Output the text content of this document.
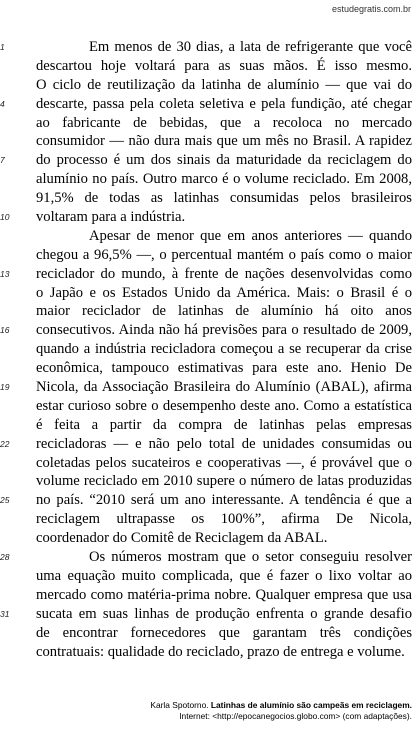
estudegratis.com.br
1	Em menos de 30 dias, a lata de refrigerante que você
descartou hoje voltará para as suas mãos. É isso mesmo.
O ciclo de reutilização da latinha de alumínio — que vai do
4	descarte, passa pela coleta seletiva e pela fundição, até chegar
ao fabricante de bebidas, que a recoloca no mercado
consumidor — não dura mais que um mês no Brasil. A rapidez
7	do processo é um dos sinais da maturidade da reciclagem do
alumínio no país. Outro marco é o volume reciclado. Em 2008,
91,5% de todas as latinhas consumidas pelos brasileiros
10	voltaram para a indústria.
Apesar de menor que em anos anteriores — quando
chegou a 96,5% —, o percentual mantém o país como o maior
13	reciclador do mundo, à frente de nações desenvolvidas como
o Japão e os Estados Unido da América. Mais: o Brasil é o
maior reciclador de latinhas de alumínio há oito anos
16	consecutivos. Ainda não há previsões para o resultado de 2009,
quando a indústria recicladora começou a se recuperar da crise
econômica, tampouco estimativas para este ano. Henio De
19	Nicola, da Associação Brasileira do Alumínio (ABAL), afirma
estar curioso sobre o desempenho deste ano. Como a estatística
é feita a partir da compra de latinhas pelas empresas
22	recicladoras — e não pelo total de unidades consumidas ou
coletadas pelos sucateiros e cooperativas —, é provável que o
volume reciclado em 2010 supere o número de latas produzidas
25	no país. “2010 será um ano interessante. A tendência é que a
reciclagem ultrapasse os 100%”, afirma De Nicola,
coordenador do Comitê de Reciclagem da ABAL.
28	Os números mostram que o setor conseguiu resolver
uma equação muito complicada, que é fazer o lixo voltar ao
mercado como matéria-prima nobre. Qualquer empresa que usa
31	sucata em suas linhas de produção enfrenta o grande desafio
de encontrar fornecedores que garantam três condições
contratuais: qualidade do reciclado, prazo de entrega e volume.
Karla Spotorno. Latinhas de alumínio são campeãs em reciclagem.
Internet: <http://epocanegocios.globo.com> (com adaptações).
